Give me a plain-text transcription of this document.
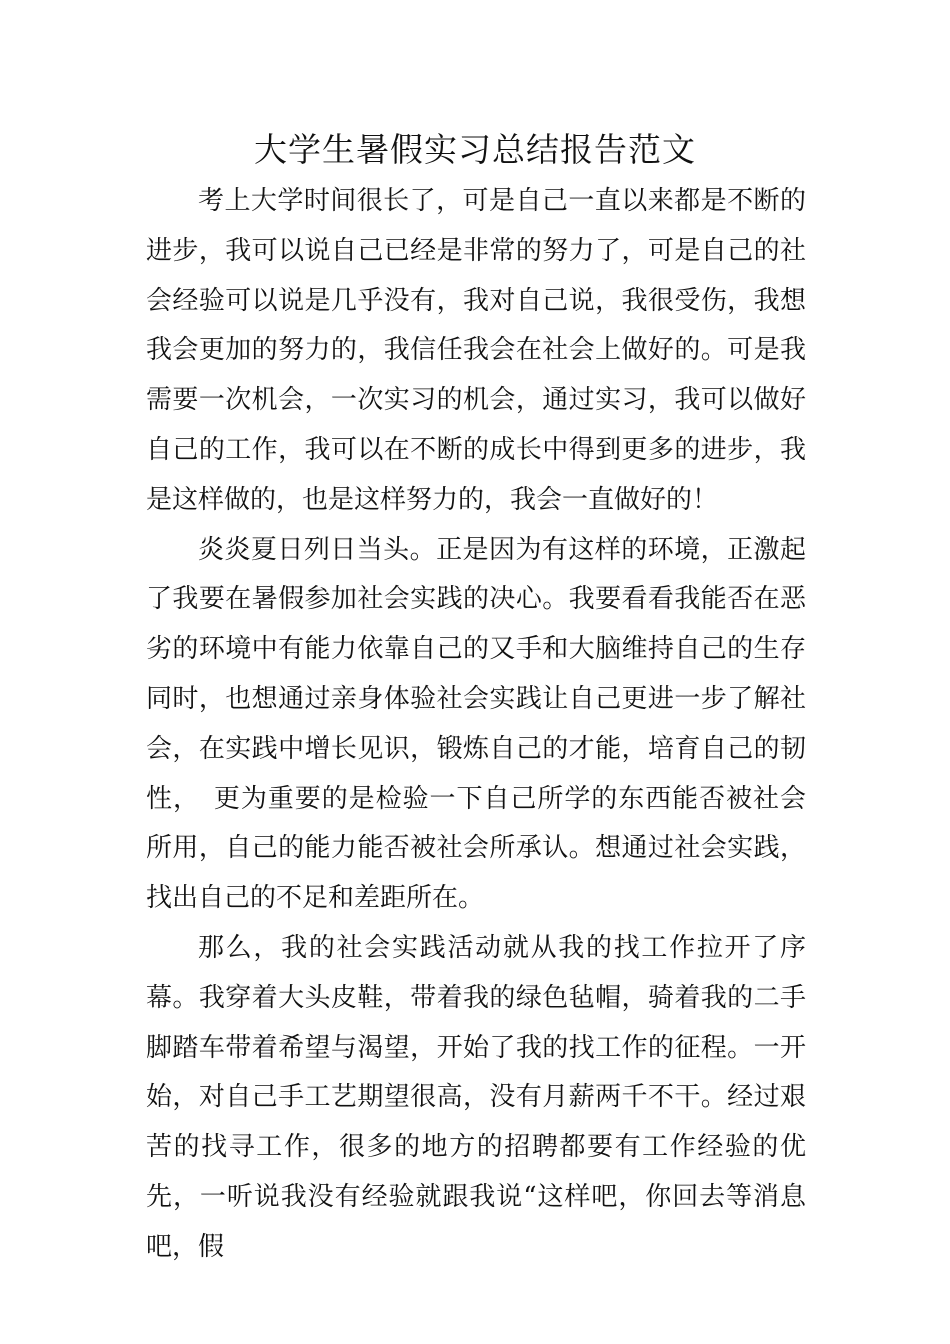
大学生暑假实习总结报告范文

考上大学时间很长了，可是自己一直以来都是不断的进步，我可以说自己已经是非常的努力了，可是自己的社会经验可以说是几乎没有，我对自己说，我很受伤，我想我会更加的努力的，我信任我会在社会上做好的。可是我需要一次机会，一次实习的机会，通过实习，我可以做好自己的工作，我可以在不断的成长中得到更多的进步，我是这样做的，也是这样努力的，我会一直做好的！

炎炎夏日列日当头。正是因为有这样的环境，正激起了我要在暑假参加社会实践的决心。我要看看我能否在恶劣的环境中有能力依靠自己的又手和大脑维持自己的生存同时，也想通过亲身体验社会实践让自己更进一步了解社会，在实践中增长见识，锻炼自己的才能，培育自己的韧性，　更为重要的是检验一下自己所学的东西能否被社会所用，自己的能力能否被社会所承认。想通过社会实践，找出自己的不足和差距所在。

那么，我的社会实践活动就从我的找工作拉开了序幕。我穿着大头皮鞋，带着我的绿色毡帽，骑着我的二手脚踏车带着希望与渴望，开始了我的找工作的征程。一开始，对自己手工艺期望很高，没有月薪两千不干。经过艰苦的找寻工作，很多的地方的招聘都要有工作经验的优先，一听说我没有经验就跟我说“这样吧，你回去等消息吧，假
